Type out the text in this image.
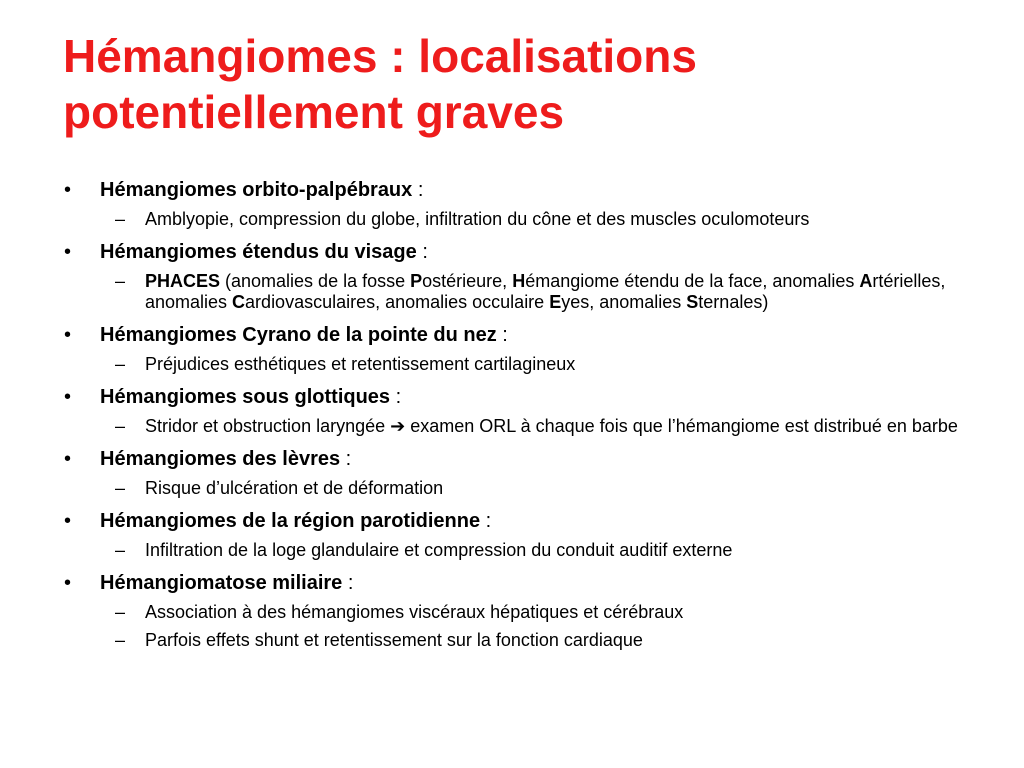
Hémangiomes : localisations
potentiellement graves
• Hémangiomes orbito-palpébraux :
– Amblyopie, compression du globe, infiltration du cône et des muscles oculomoteurs
• Hémangiomes étendus du visage :
– PHACES (anomalies de la fosse Postérieure, Hémangiome étendu de la face, anomalies Artérielles, anomalies Cardiovasculaires, anomalies occulaire Eyes, anomalies Sternales)
• Hémangiomes Cyrano de la pointe du nez :
– Préjudices esthétiques et retentissement cartilagineux
• Hémangiomes sous glottiques :
– Stridor et obstruction laryngée ➔ examen ORL à chaque fois que l’hémangiome est distribué en barbe
• Hémangiomes des lèvres :
– Risque d’ulcération et de déformation
• Hémangiomes de la région parotidienne :
– Infiltration de la loge glandulaire et compression du conduit auditif externe
• Hémangiomatose miliaire :
– Association à des hémangiomes viscéraux hépatiques et cérébraux
– Parfois effets shunt et retentissement sur la fonction cardiaque
